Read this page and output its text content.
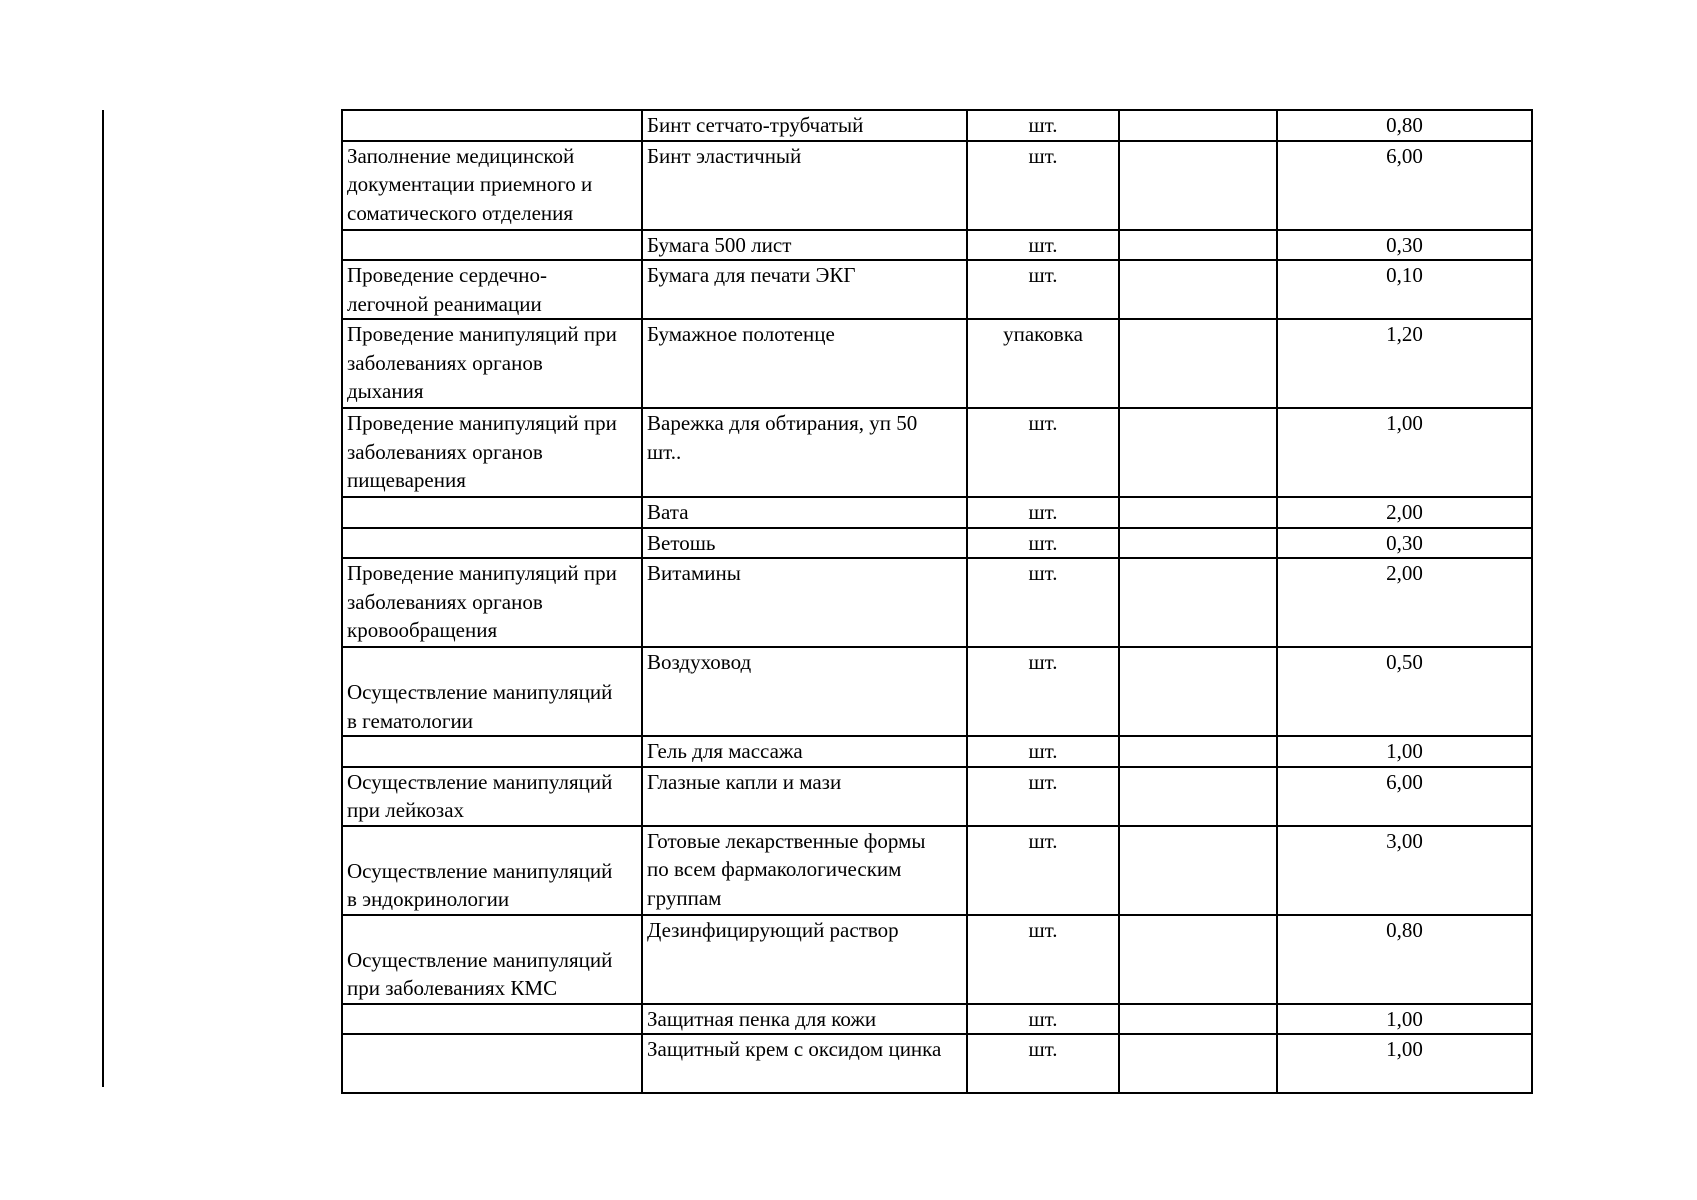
	Бинт сетчато-трубчатый	шт.		0,80
Заполнение медицинской
документации приемного и
соматического отделения	Бинт эластичный	шт.		6,00
	Бумага 500 лист	шт.		0,30
Проведение сердечно-
легочной реанимации	Бумага для печати ЭКГ	шт.		0,10
Проведение манипуляций при
заболеваниях органов
дыхания	Бумажное полотенце	упаковка		1,20
Проведение манипуляций при
заболеваниях органов
пищеварения	Варежка для обтирания, уп 50
шт..	шт.		1,00
	Вата	шт.		2,00
	Ветошь	шт.		0,30
Проведение манипуляций при
заболеваниях органов
кровообращения	Витамины	шт.		2,00
Осуществление манипуляций
в гематологии	Воздуховод	шт.		0,50
	Гель для массажа	шт.		1,00
Осуществление манипуляций
при лейкозах	Глазные капли и мази	шт.		6,00
Осуществление манипуляций
в эндокринологии	Готовые лекарственные формы
по всем фармакологическим
группам	шт.		3,00
Осуществление манипуляций
при заболеваниях КМС	Дезинфицирующий раствор	шт.		0,80
	Защитная пенка для кожи	шт.		1,00
	Защитный крем с оксидом цинка	шт.		1,00
